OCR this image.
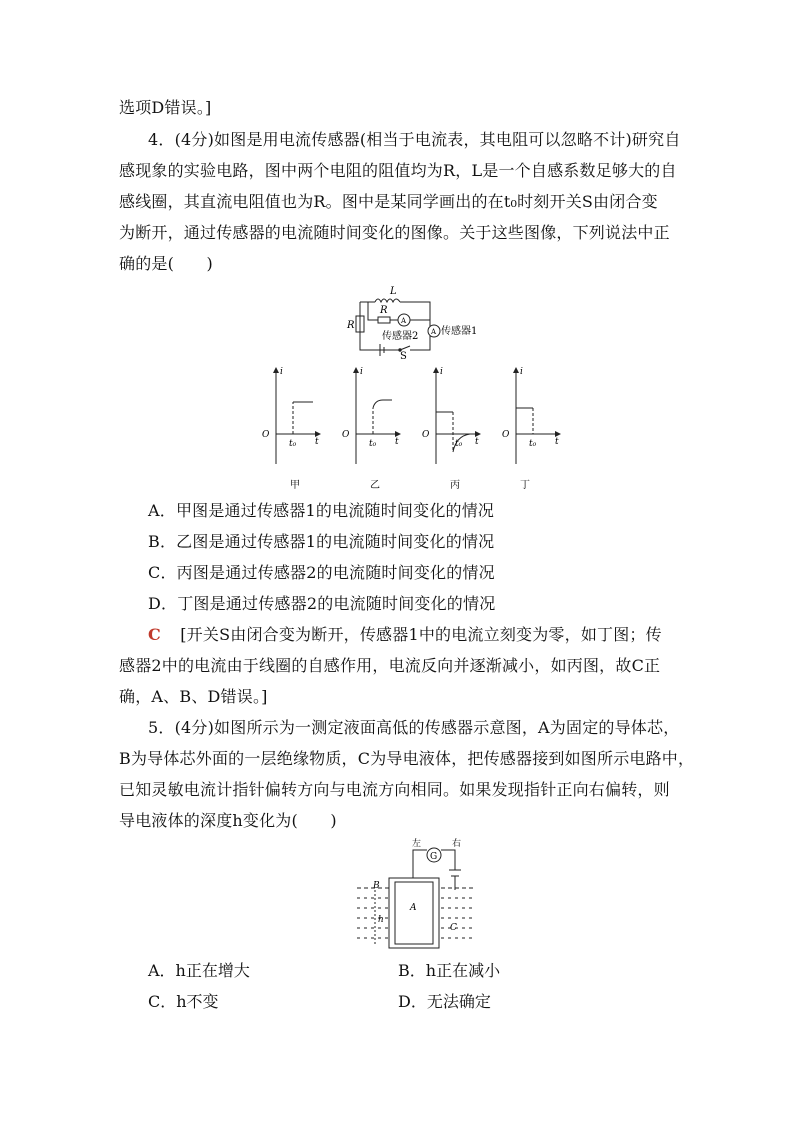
选项D错误。]
4．(4分)如图是用电流传感器(相当于电流表，其电阻可以忽略不计)研究自
感现象的实验电路，图中两个电阻的阻值均为R，L是一个自感系数足够大的自
感线圈，其直流电阻值也为R。图中是某同学画出的在t₀时刻开关S由闭合变
为断开，通过传感器的电流随时间变化的图像。关于这些图像，下列说法中正
确的是(　　)
L
R
R
A
A
传感器2 传感器1
S
i
O
t₀ t
i
O
t₀ t
i
O
t₀ t
i
O
t₀ t
甲	乙	丙	丁
A．甲图是通过传感器1的电流随时间变化的情况
B．乙图是通过传感器1的电流随时间变化的情况
C．丙图是通过传感器2的电流随时间变化的情况
D．丁图是通过传感器2的电流随时间变化的情况
C [开关S由闭合变为断开，传感器1中的电流立刻变为零，如丁图；传
感器2中的电流由于线圈的自感作用，电流反向并逐渐减小，如丙图，故C正
确，A、B、D错误。]
5．(4分)如图所示为一测定液面高低的传感器示意图，A为固定的导体芯，
B为导体芯外面的一层绝缘物质，C为导电液体，把传感器接到如图所示电路中，
已知灵敏电流计指针偏转方向与电流方向相同。如果发现指针正向右偏转，则
导电液体的深度h变化为(　　)
左	右
G
A
B
C
h
A．h正在增大	B．h正在减小
C．h不变	D．无法确定
